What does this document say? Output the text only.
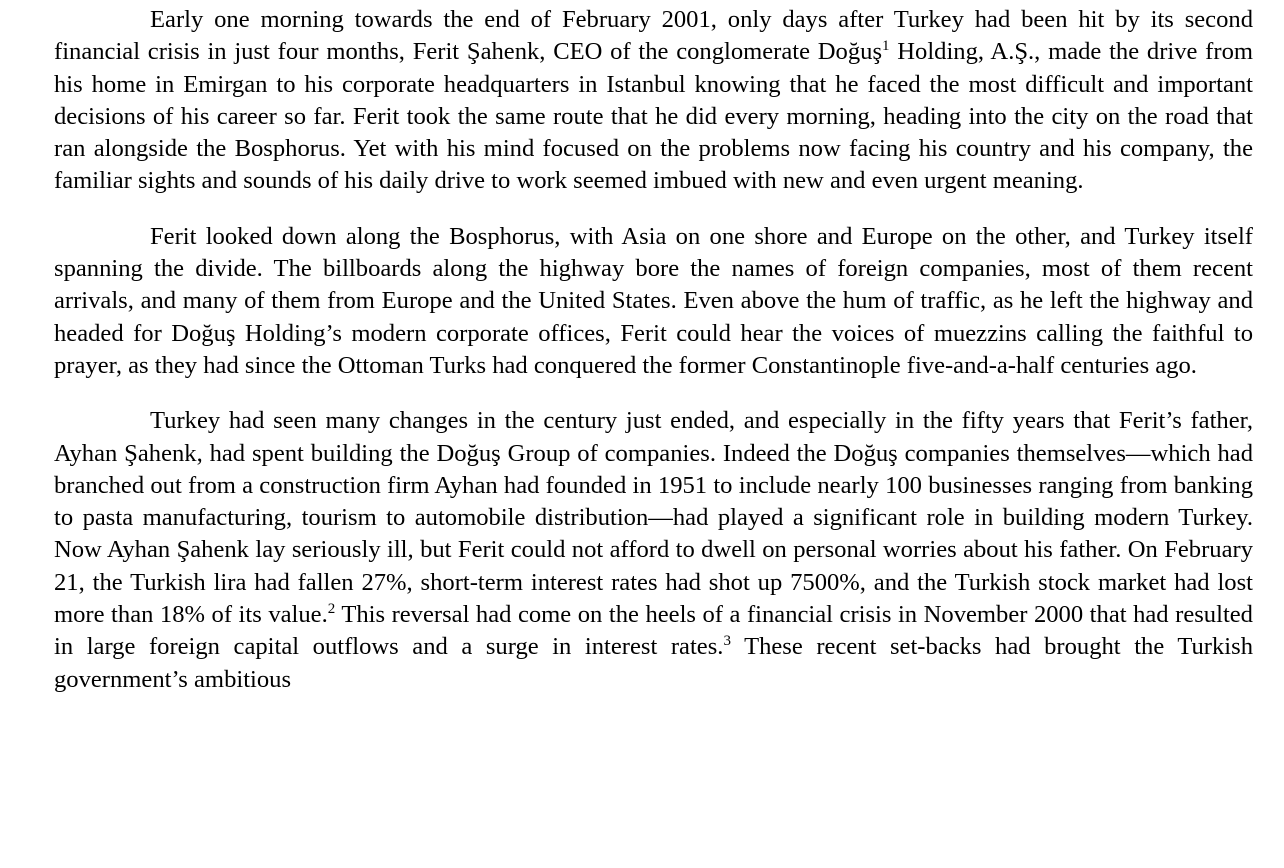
Early one morning towards the end of February 2001, only days after Turkey had been hit by its second financial crisis in just four months, Ferit Şahenk, CEO of the conglomerate Doğuş$^1$ Holding, A.Ş., made the drive from his home in Emirgan to his corporate headquarters in Istanbul knowing that he faced the most difficult and important decisions of his career so far. Ferit took the same route that he did every morning, heading into the city on the road that ran alongside the Bosphorus. Yet with his mind focused on the problems now facing his country and his company, the familiar sights and sounds of his daily drive to work seemed imbued with new and even urgent meaning.

Ferit looked down along the Bosphorus, with Asia on one shore and Europe on the other, and Turkey itself spanning the divide. The billboards along the highway bore the names of foreign companies, most of them recent arrivals, and many of them from Europe and the United States. Even above the hum of traffic, as he left the highway and headed for Doğuş Holding’s modern corporate offices, Ferit could hear the voices of muezzins calling the faithful to prayer, as they had since the Ottoman Turks had conquered the former Constantinople five-and-a-half centuries ago.

Turkey had seen many changes in the century just ended, and especially in the fifty years that Ferit’s father, Ayhan Şahenk, had spent building the Doğuş Group of companies. Indeed the Doğuş companies themselves—which had branched out from a construction firm Ayhan had founded in 1951 to include nearly 100 businesses ranging from banking to pasta manufacturing, tourism to automobile distribution—had played a significant role in building modern Turkey. Now Ayhan Şahenk lay seriously ill, but Ferit could not afford to dwell on personal worries about his father. On February 21, the Turkish lira had fallen 27%, short-term interest rates had shot up 7500%, and the Turkish stock market had lost more than 18% of its value.$^2$ This reversal had come on the heels of a financial crisis in November 2000 that had resulted in large foreign capital outflows and a surge in interest rates.$^3$ These recent set-backs had brought the Turkish government’s ambitious
